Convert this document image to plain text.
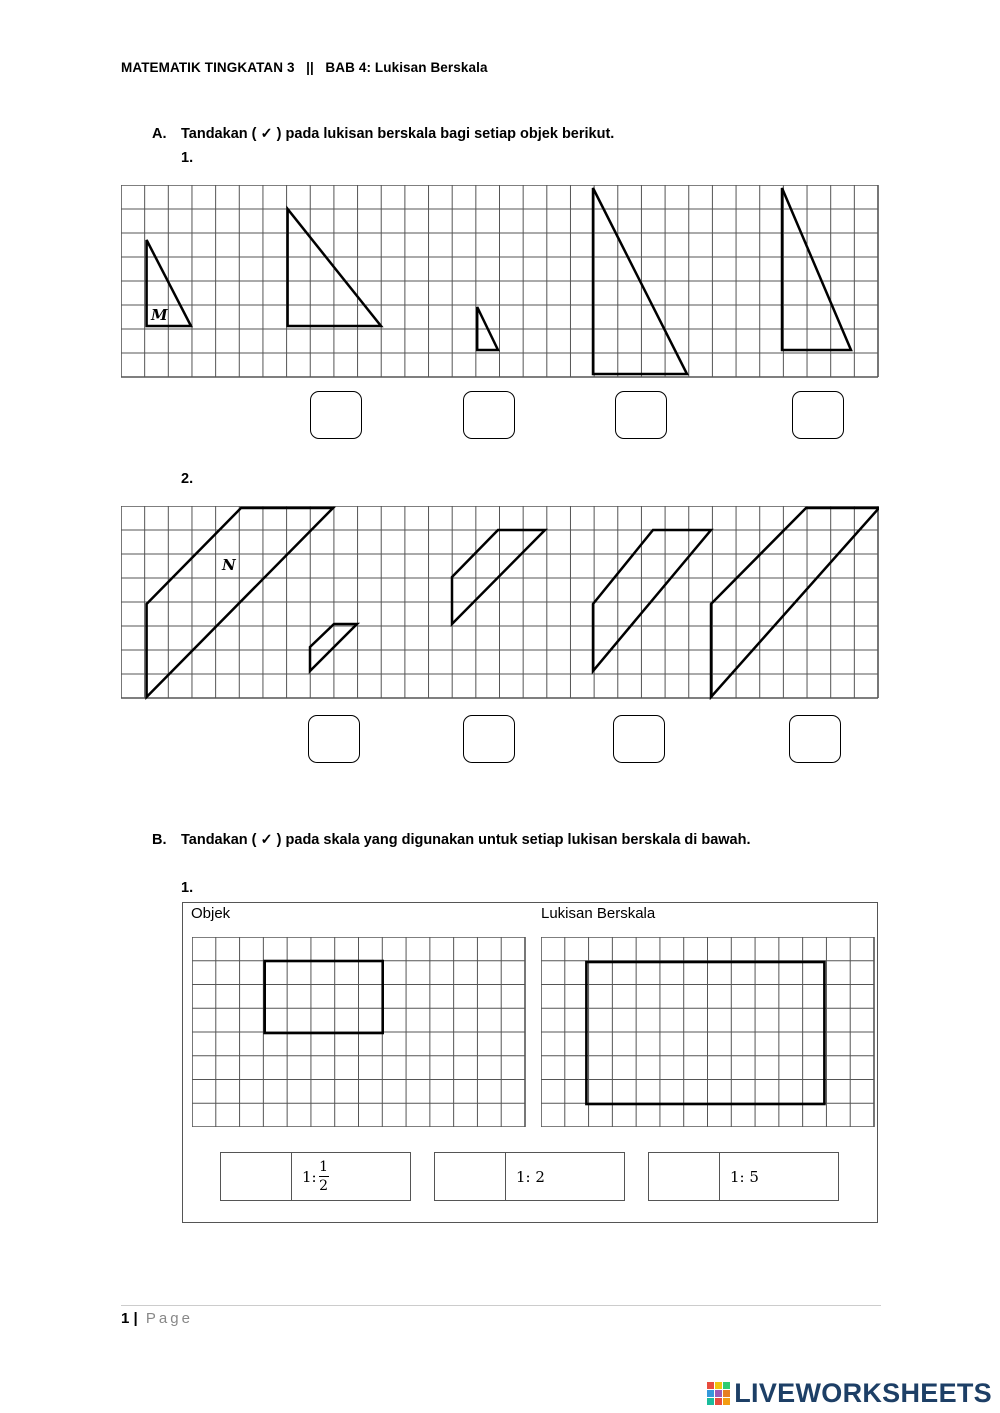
MATEMATIK TINGKATAN 3   ||   BAB 4: Lukisan Berskala
A. Tandakan ( ✓ ) pada lukisan berskala bagi setiap objek berikut.
1.
M
2.
N
B. Tandakan ( ✓ ) pada skala yang digunakan untuk setiap lukisan berskala di bawah.
1.
Objek	Lukisan Berskala
1: $\frac{1}{2}$	1: 2	1: 5
1 | Page
LIVEWORKSHEETS
